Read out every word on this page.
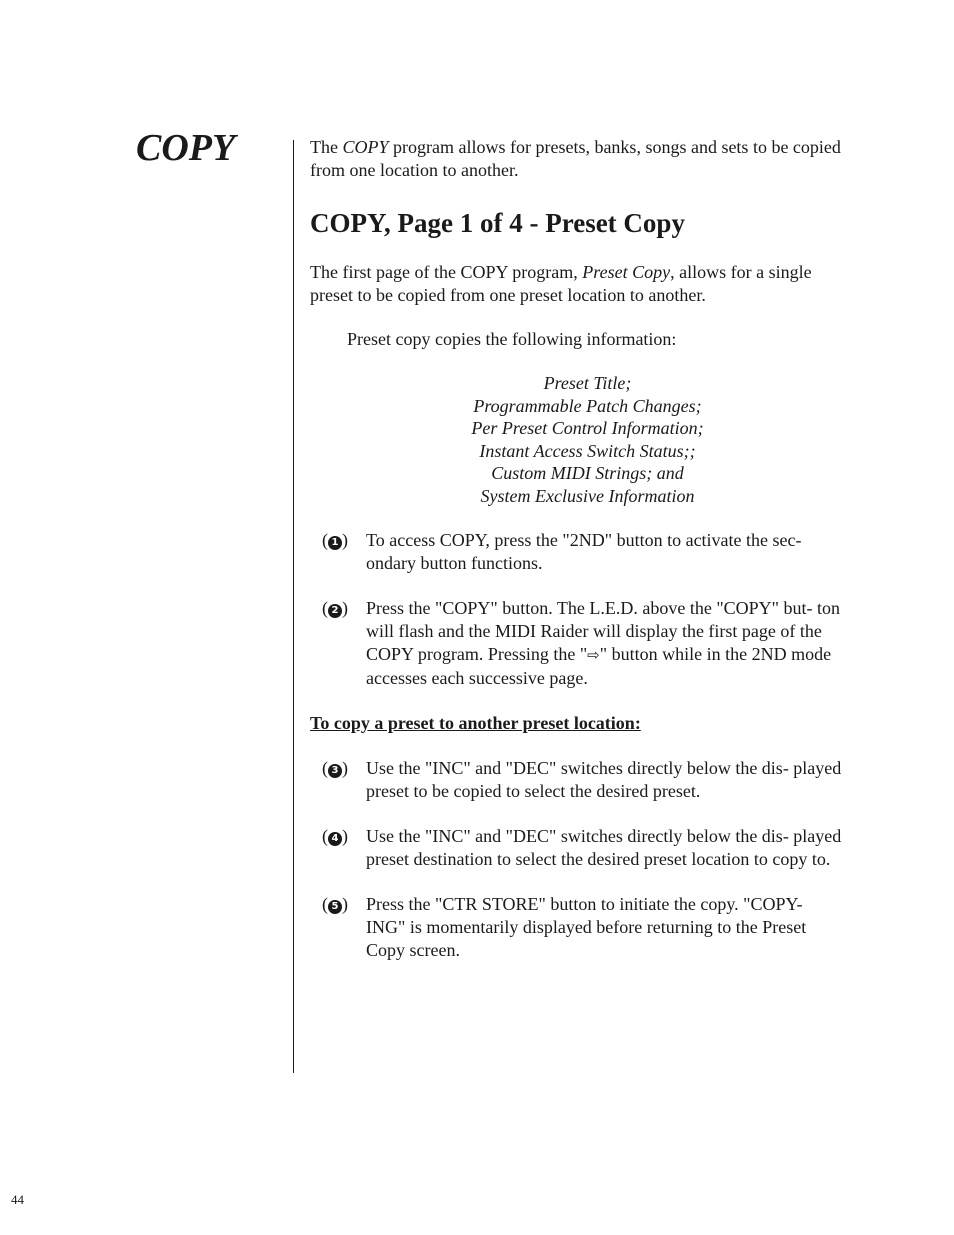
COPY	The COPY program allows for presets, banks, songs and sets to be copied from one location to another.

COPY, Page 1 of 4 - Preset Copy

The first page of the COPY program, Preset Copy, allows for a single preset to be copied from one preset location to another.

Preset copy copies the following information:

Preset Title;
Programmable Patch Changes;
Per Preset Control Information;
Instant Access Switch Status;;
Custom MIDI Strings; and
System Exclusive Information
( 1 ) To access COPY, press the "2ND" button to activate the sec- ondary button functions.
( 2 ) Press the "COPY" button. The L.E.D. above the "COPY" but- ton will flash and the MIDI Raider will display the first page of the COPY program. Pressing the "⇨" button while in the 2ND mode accesses each successive page.

To copy a preset to another preset location:

( 3 ) Use the "INC" and "DEC" switches directly below the dis- played preset to be copied to select the desired preset.
( 4 ) Use the "INC" and "DEC" switches directly below the dis- played preset destination to select the desired preset location to copy to.
( 5 ) Press the "CTR STORE" button to initiate the copy. "COPY- ING" is momentarily displayed before returning to the Preset Copy screen.
44
